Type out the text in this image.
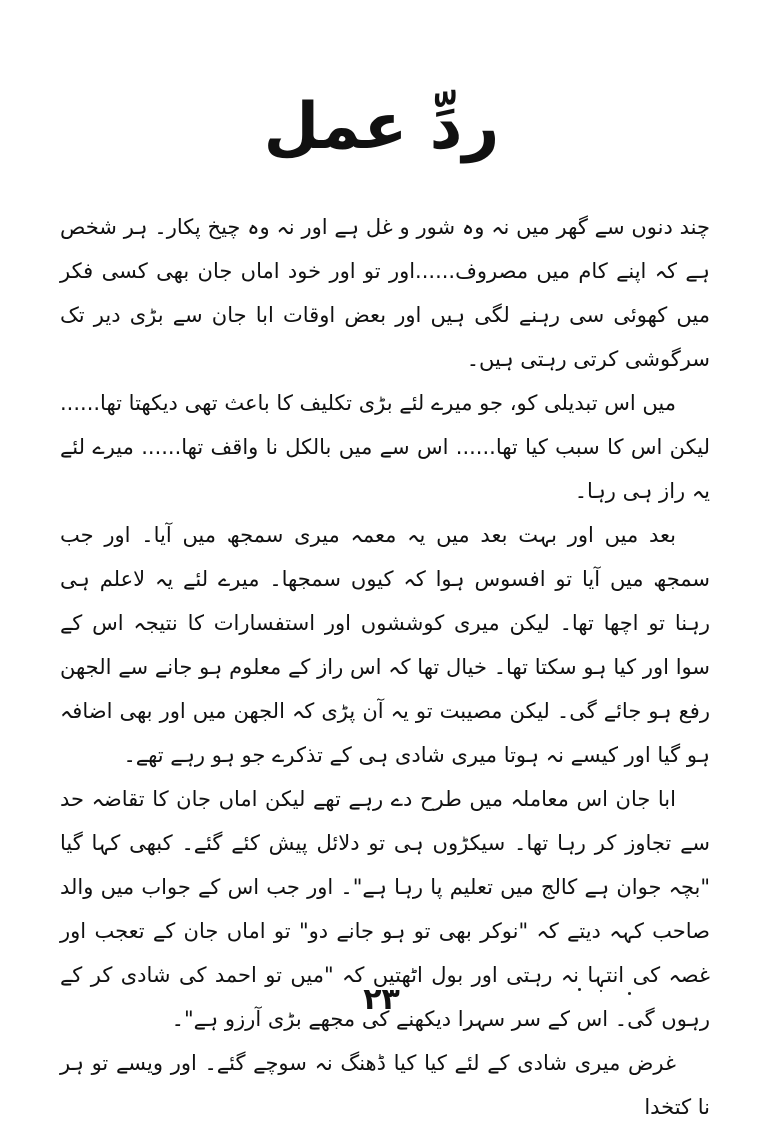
ردِّ عمل

چند دنوں سے گھر میں نہ وہ شور و غل ہے اور نہ وہ چیخ پکار۔ ہر شخص ہے کہ اپنے کام میں مصروف......اور تو اور خود اماں جان بھی کسی فکر میں کھوئی سی رہنے لگی ہیں اور بعض اوقات ابا جان سے بڑی دیر تک سرگوشی کرتی رہتی ہیں۔

میں اس تبدیلی کو، جو میرے لئے بڑی تکلیف کا باعث تھی دیکھتا تھا...... لیکن اس کا سبب کیا تھا...... اس سے میں بالکل نا واقف تھا...... میرے لئے یہ راز ہی رہا۔

بعد میں اور بہت بعد میں یہ معمہ میری سمجھ میں آیا۔ اور جب سمجھ میں آیا تو افسوس ہوا کہ کیوں سمجھا۔ میرے لئے یہ لاعلم ہی رہنا تو اچھا تھا۔ لیکن میری کوششوں اور استفسارات کا نتیجہ اس کے سوا اور کیا ہو سکتا تھا۔ خیال تھا کہ اس راز کے معلوم ہو جانے سے الجھن رفع ہو جائے گی۔ لیکن مصیبت تو یہ آن پڑی کہ الجھن میں اور بھی اضافہ ہو گیا اور کیسے نہ ہوتا میری شادی ہی کے تذکرے جو ہو رہے تھے۔

ابا جان اس معاملہ میں طرح دے رہے تھے لیکن اماں جان کا تقاضہ حد سے تجاوز کر رہا تھا۔ سیکڑوں ہی تو دلائل پیش کئے گئے۔ کبھی کہا گیا "بچہ جوان ہے کالج میں تعلیم پا رہا ہے"۔ اور جب اس کے جواب میں والد صاحب کہہ دیتے کہ "نوکر بھی تو ہو جانے دو" تو اماں جان کے تعجب اور غصہ کی انتہا نہ رہتی اور بول اٹھتیں کہ "میں تو احمد کی شادی کر کے رہوں گی۔ اس کے سر سہرا دیکھنے کی مجھے بڑی آرزو ہے"۔

غرض میری شادی کے لئے کیا کیا ڈھنگ نہ سوچے گئے۔ اور ویسے تو ہر نا کتخدا

٢٣
